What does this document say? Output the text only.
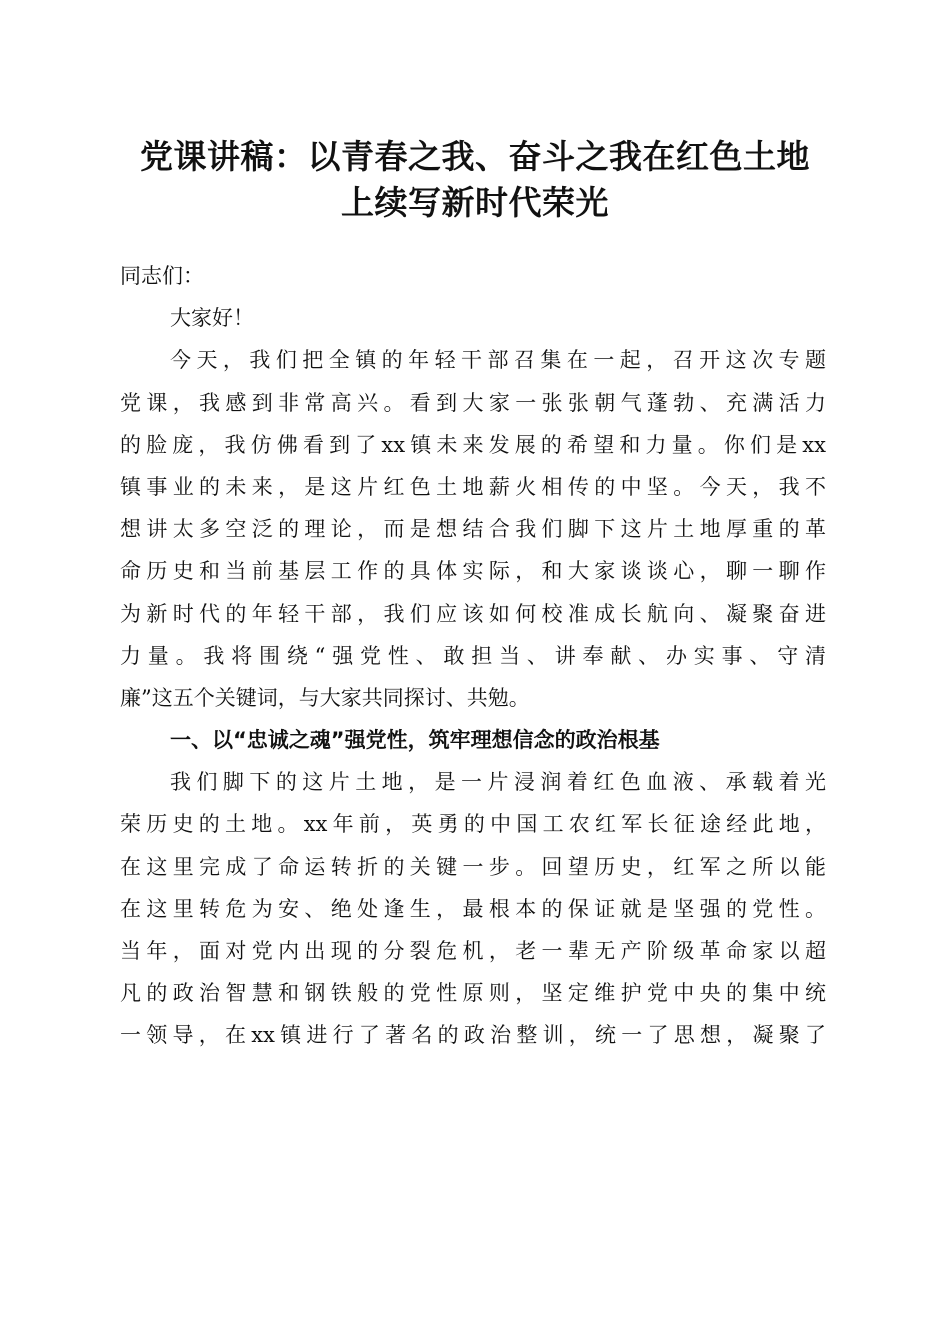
党课讲稿：以青春之我、奋斗之我在红色土地
上续写新时代荣光
同志们：
大家好！
今天，我们把全镇的年轻干部召集在一起，召开这次专题
党课，我感到非常高兴。看到大家一张张朝气蓬勃、充满活力
的脸庞，我仿佛看到了xx镇未来发展的希望和力量。你们是xx
镇事业的未来，是这片红色土地薪火相传的中坚。今天，我不
想讲太多空泛的理论，而是想结合我们脚下这片土地厚重的革
命历史和当前基层工作的具体实际，和大家谈谈心，聊一聊作
为新时代的年轻干部，我们应该如何校准成长航向、凝聚奋进
力量。我将围绕“强党性、敢担当、讲奉献、办实事、守清
廉”这五个关键词，与大家共同探讨、共勉。
一、以“忠诚之魂”强党性，筑牢理想信念的政治根基
我们脚下的这片土地，是一片浸润着红色血液、承载着光
荣历史的土地。xx年前，英勇的中国工农红军长征途经此地，
在这里完成了命运转折的关键一步。回望历史，红军之所以能
在这里转危为安、绝处逢生，最根本的保证就是坚强的党性。
当年，面对党内出现的分裂危机，老一辈无产阶级革命家以超
凡的政治智慧和钢铁般的党性原则，坚定维护党中央的集中统
一领导，在xx镇进行了著名的政治整训，统一了思想，凝聚了
